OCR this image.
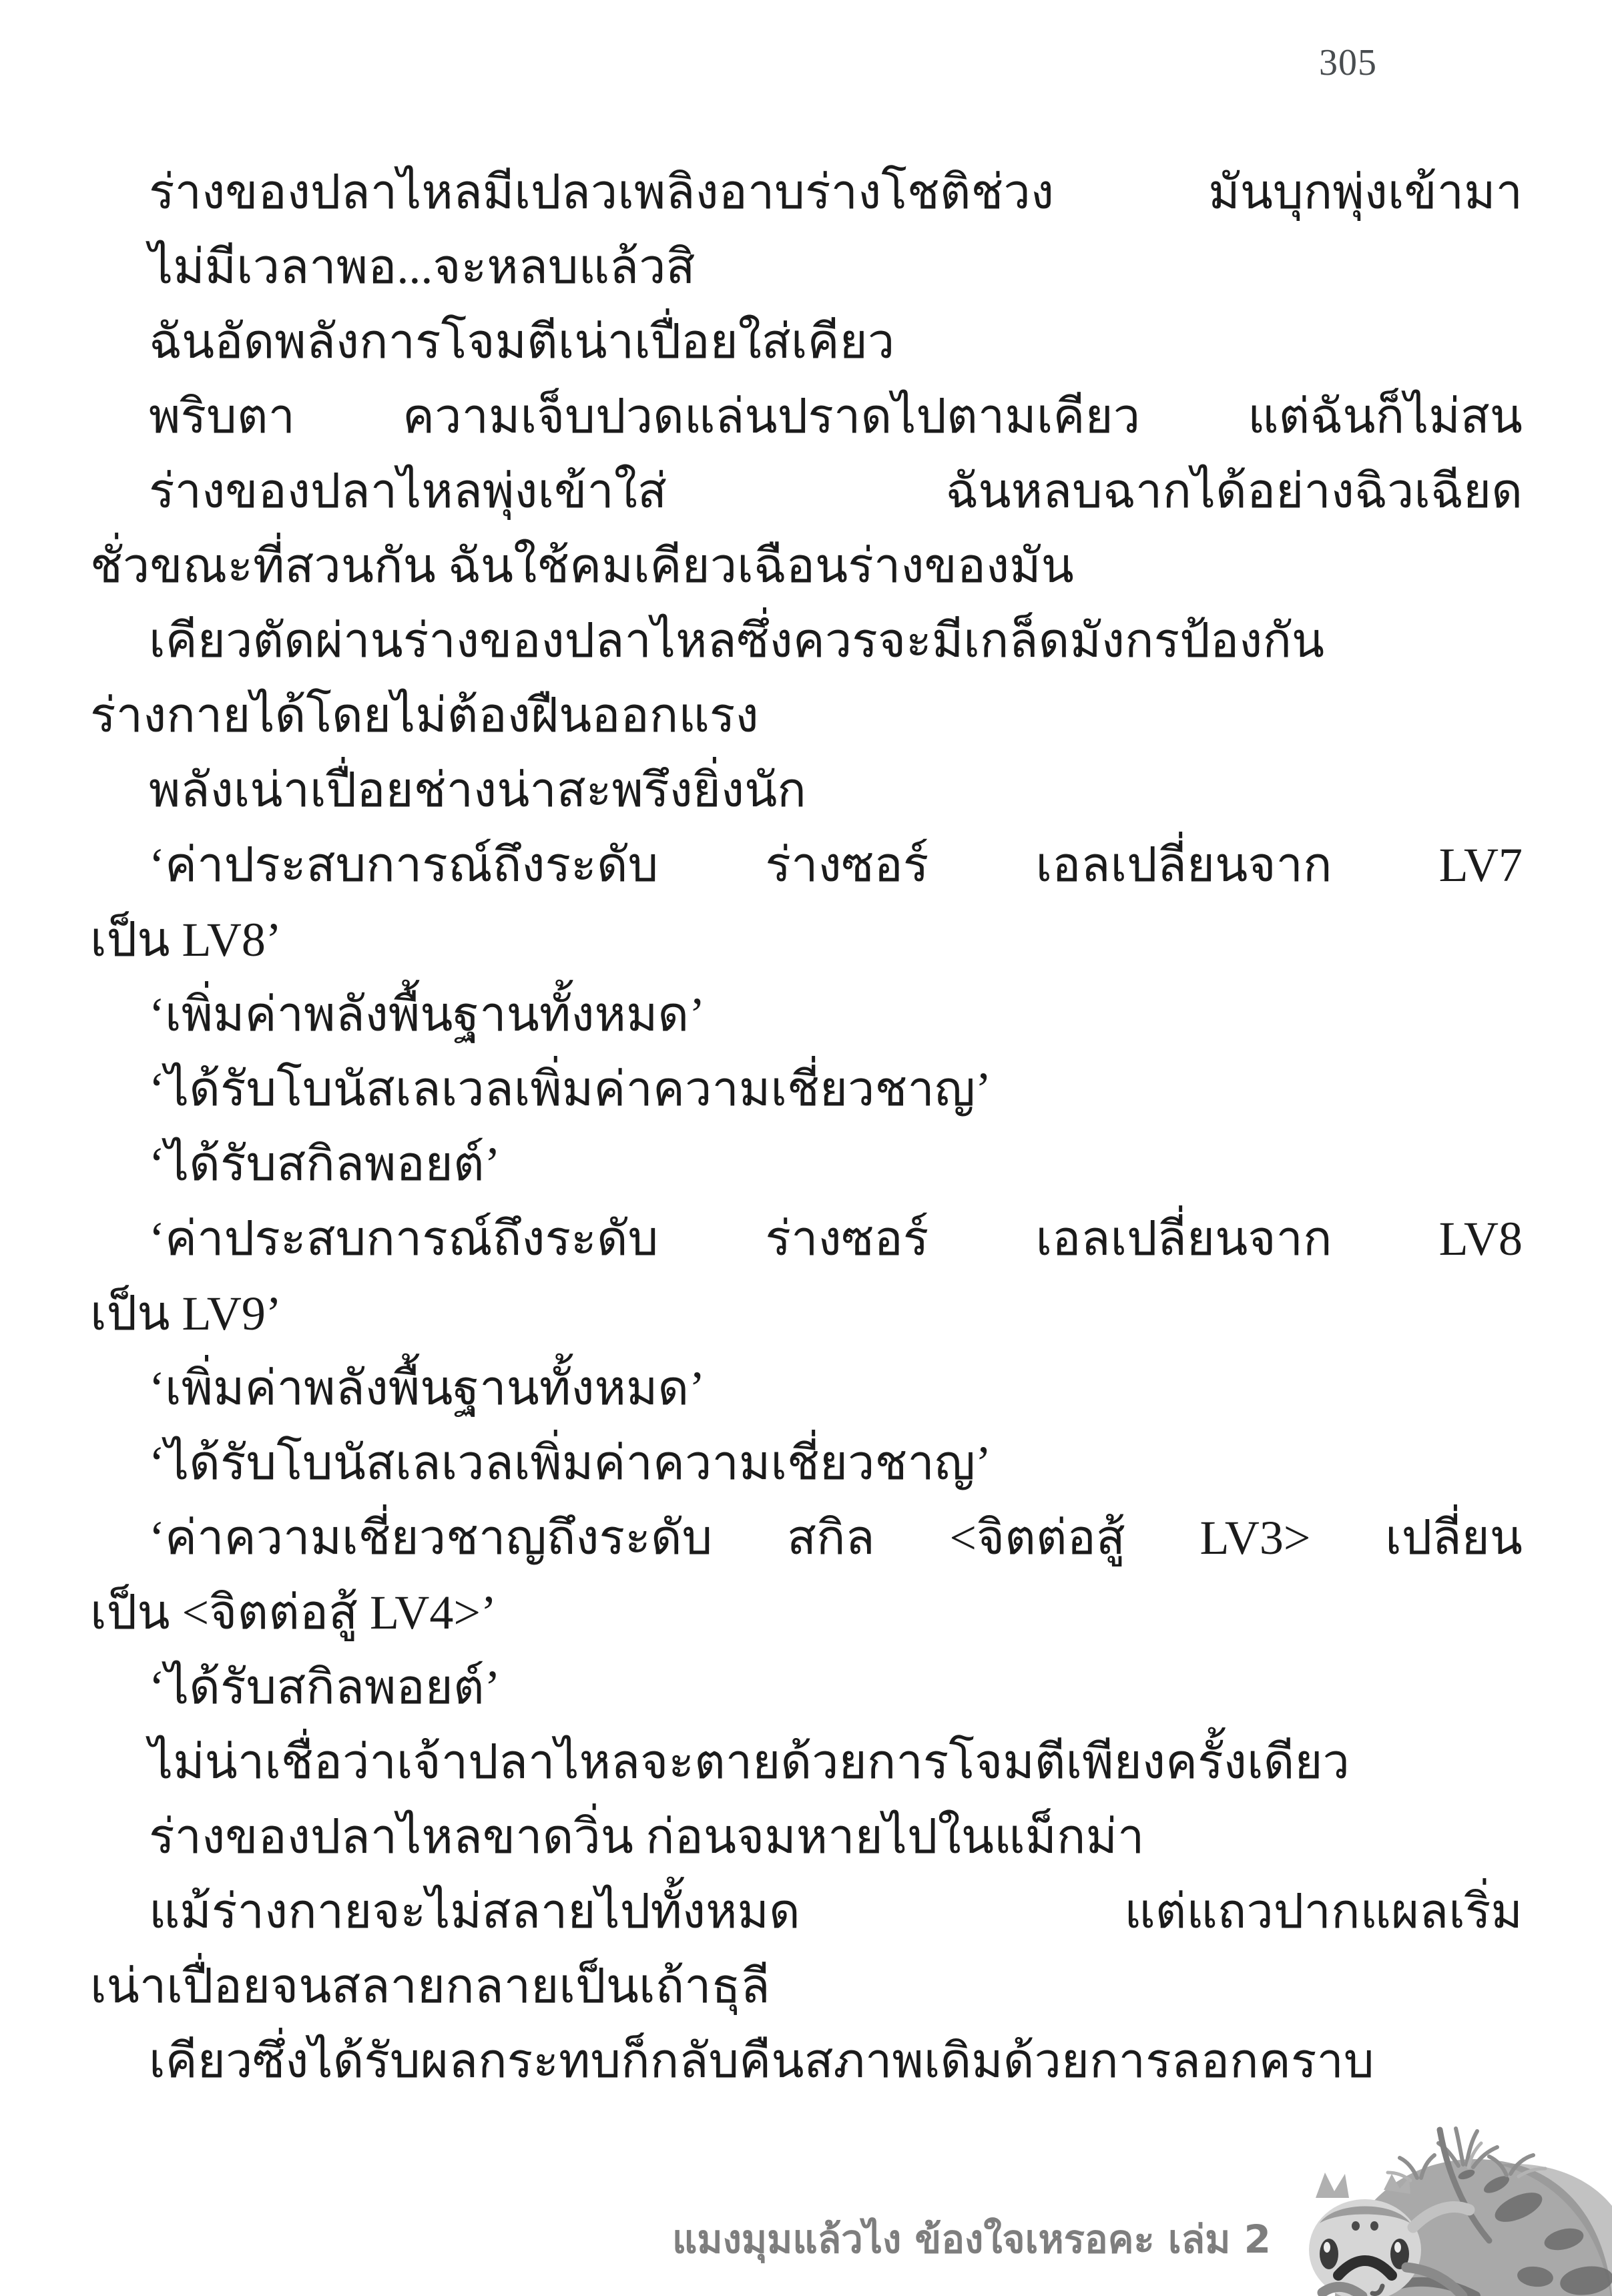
305
ร่างของปลาไหลมีเปลวเพลิงอาบร่างโชติช่วง มันบุกพุ่งเข้ามา
ไม่มีเวลาพอ...จะหลบแล้วสิ
ฉันอัดพลังการโจมตีเน่าเปื่อยใส่เคียว
พริบตา ความเจ็บปวดแล่นปราดไปตามเคียว แต่ฉันก็ไม่สน
ร่างของปลาไหลพุ่งเข้าใส่ ฉันหลบฉากได้อย่างฉิวเฉียด
ชั่วขณะที่สวนกัน ฉันใช้คมเคียวเฉือนร่างของมัน
เคียวตัดผ่านร่างของปลาไหลซึ่งควรจะมีเกล็ดมังกรป้องกัน
ร่างกายได้โดยไม่ต้องฝืนออกแรง
พลังเน่าเปื่อยช่างน่าสะพรึงยิ่งนัก
‘ค่าประสบการณ์ถึงระดับ ร่างซอร์ เอลเปลี่ยนจาก LV7
เป็น LV8’
‘เพิ่มค่าพลังพื้นฐานทั้งหมด’
‘ได้รับโบนัสเลเวลเพิ่มค่าความเชี่ยวชาญ’
‘ได้รับสกิลพอยต์’
‘ค่าประสบการณ์ถึงระดับ ร่างซอร์ เอลเปลี่ยนจาก LV8
เป็น LV9’
‘เพิ่มค่าพลังพื้นฐานทั้งหมด’
‘ได้รับโบนัสเลเวลเพิ่มค่าความเชี่ยวชาญ’
‘ค่าความเชี่ยวชาญถึงระดับ สกิล <จิตต่อสู้ LV3> เปลี่ยน
เป็น <จิตต่อสู้ LV4>’
‘ได้รับสกิลพอยต์’
ไม่น่าเชื่อว่าเจ้าปลาไหลจะตายด้วยการโจมตีเพียงครั้งเดียว
ร่างของปลาไหลขาดวิ่น ก่อนจมหายไปในแม็กม่า
แม้ร่างกายจะไม่สลายไปทั้งหมด แต่แถวปากแผลเริ่ม
เน่าเปื่อยจนสลายกลายเป็นเถ้าธุลี
เคียวซึ่งได้รับผลกระทบก็กลับคืนสภาพเดิมด้วยการลอกคราบ
แมงมุมแล้วไง ข้องใจเหรอคะ เล่ม 2
